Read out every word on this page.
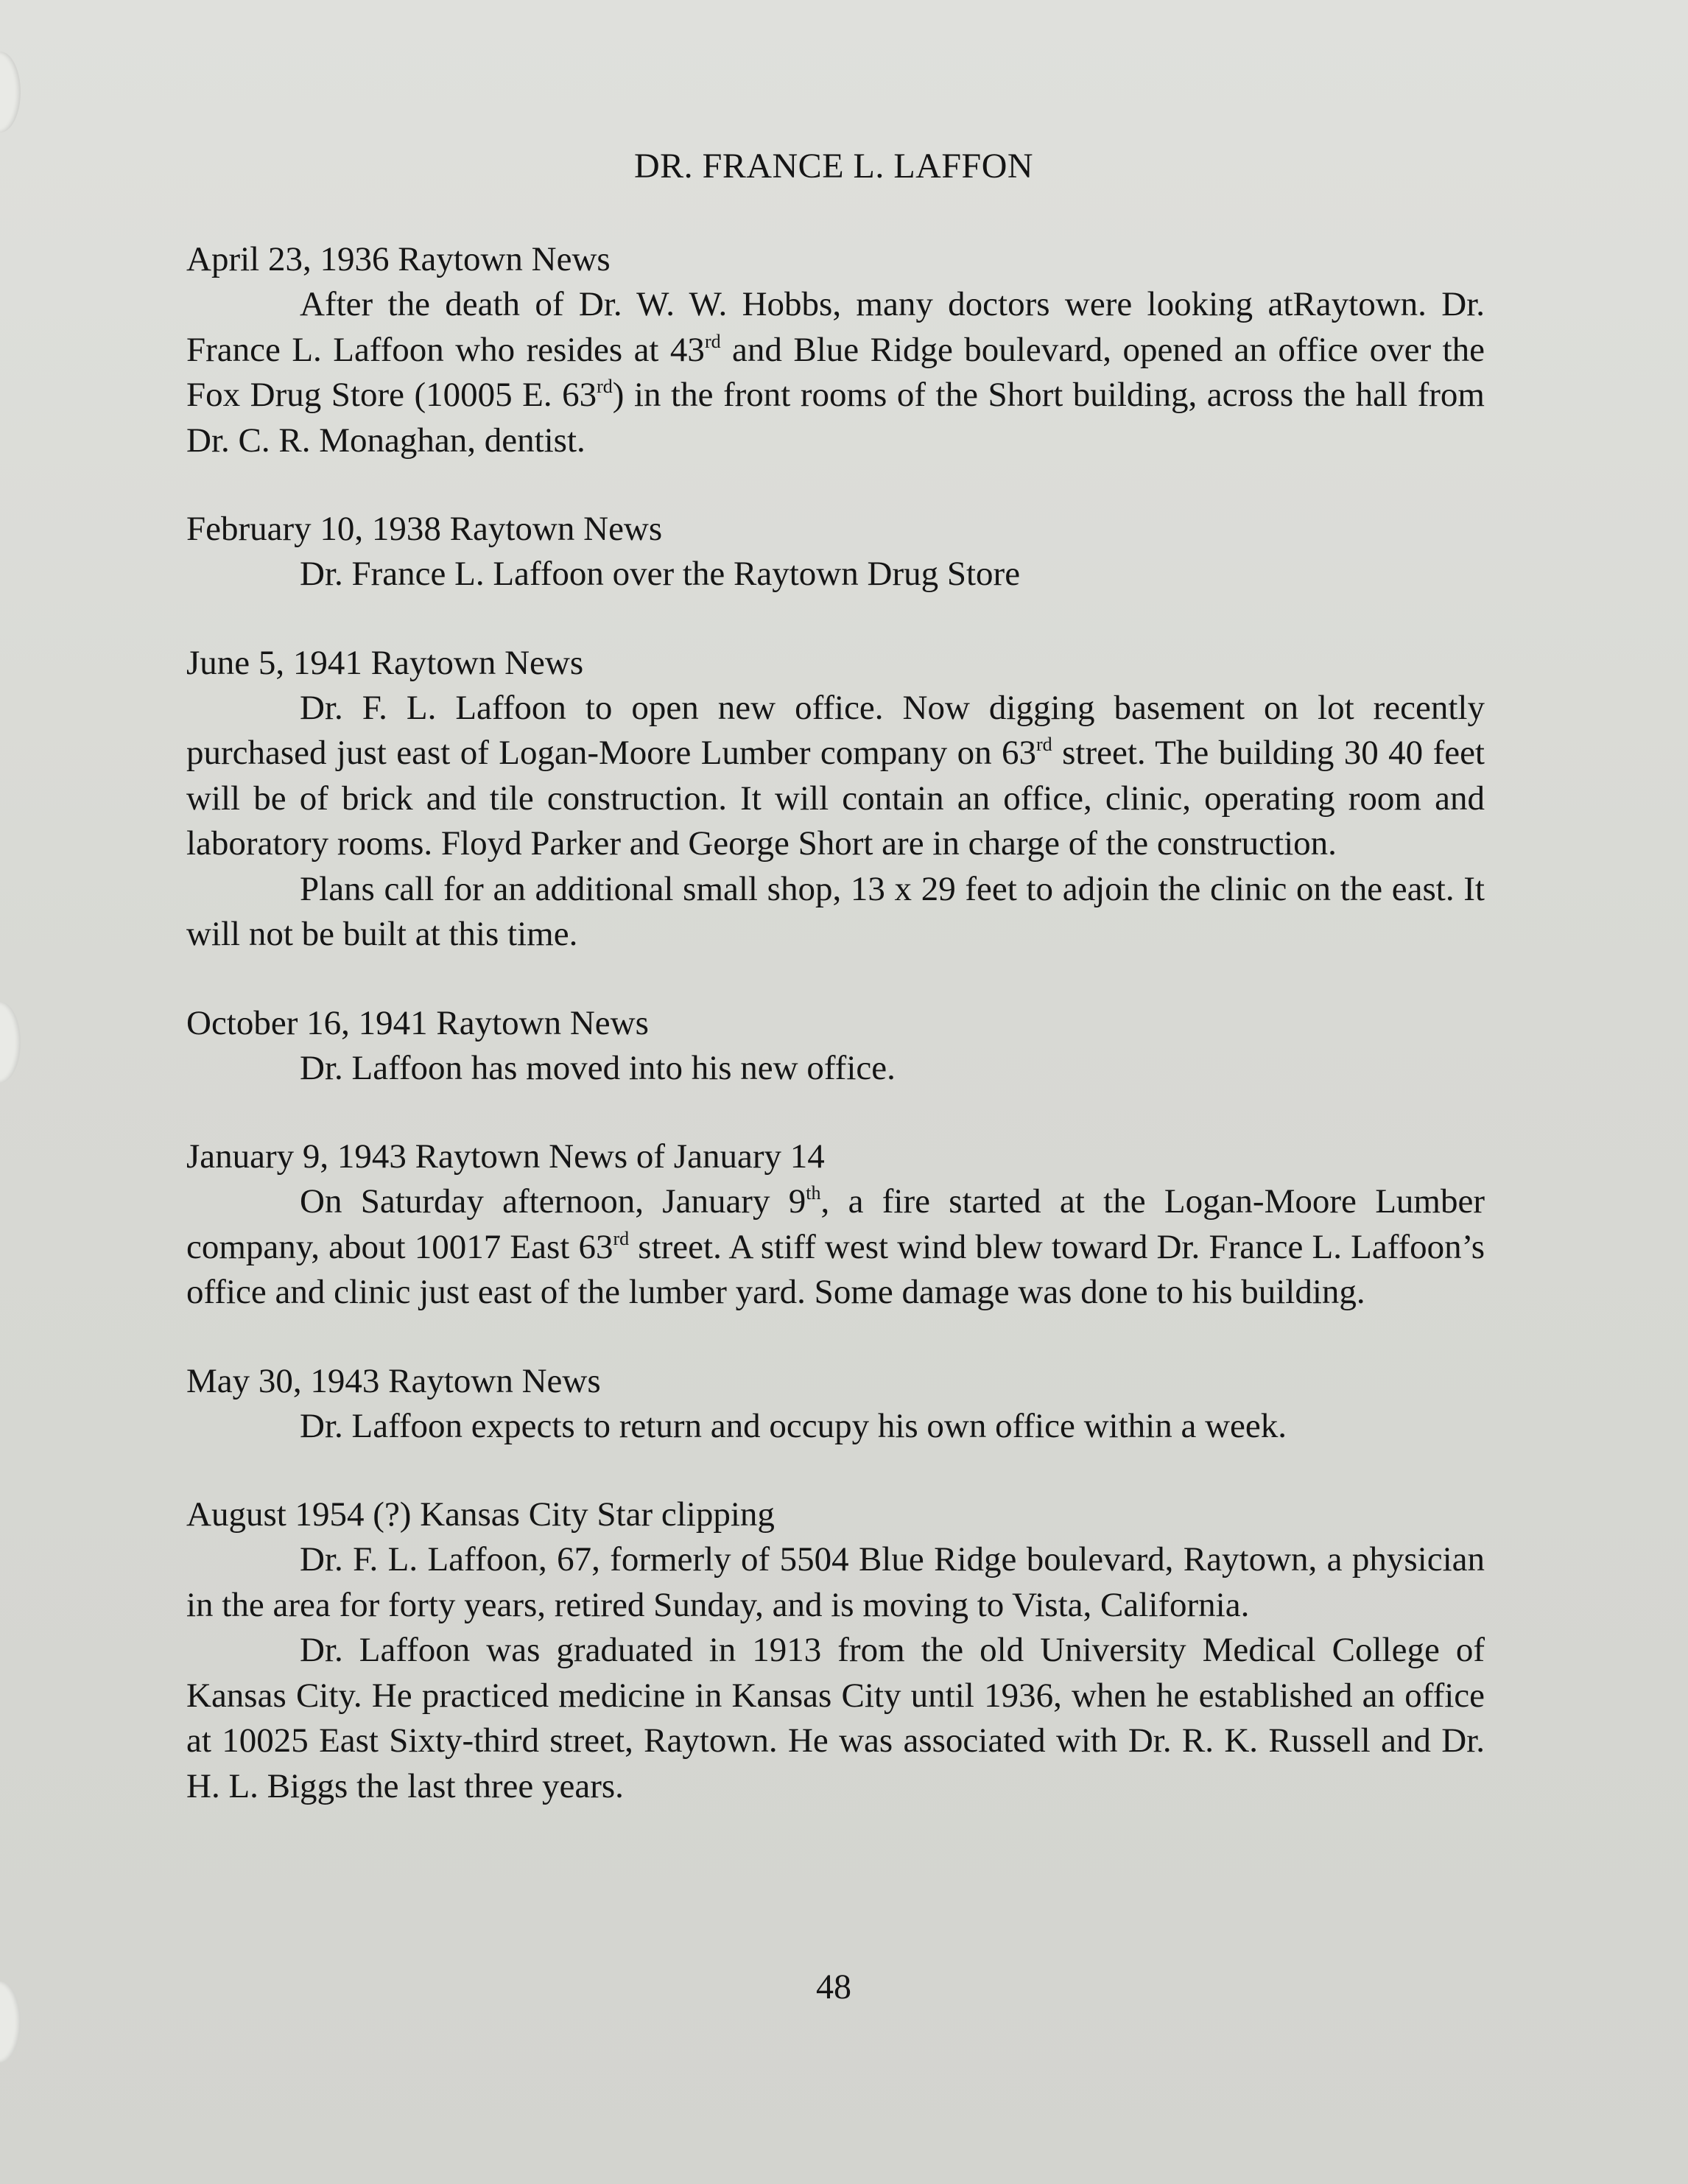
DR. FRANCE L. LAFFON
April 23, 1936 Raytown News

After the death of Dr. W. W. Hobbs, many doctors were looking atRaytown. Dr. France L. Laffoon who resides at 43rd and Blue Ridge boulevard, opened an office over the Fox Drug Store (10005 E. 63rd) in the front rooms of the Short building, across the hall from Dr. C. R. Monaghan, dentist.

February 10, 1938 Raytown News

Dr. France L. Laffoon over the Raytown Drug Store

June 5, 1941 Raytown News

Dr. F. L. Laffoon to open new office. Now digging basement on lot recently purchased just east of Logan-Moore Lumber company on 63rd street. The building 30 40 feet will be of brick and tile construction. It will contain an office, clinic, operating room and laboratory rooms. Floyd Parker and George Short are in charge of the construction.

Plans call for an additional small shop, 13 x 29 feet to adjoin the clinic on the east. It will not be built at this time.

October 16, 1941 Raytown News

Dr. Laffoon has moved into his new office.

January 9, 1943 Raytown News of January 14

On Saturday afternoon, January 9th, a fire started at the Logan-Moore Lumber company, about 10017 East 63rd street. A stiff west wind blew toward Dr. France L. Laffoon’s office and clinic just east of the lumber yard. Some damage was done to his building.

May 30, 1943 Raytown News

Dr. Laffoon expects to return and occupy his own office within a week.

August 1954 (?) Kansas City Star clipping

Dr. F. L. Laffoon, 67, formerly of 5504 Blue Ridge boulevard, Raytown, a physician in the area for forty years, retired Sunday, and is moving to Vista, California.

Dr. Laffoon was graduated in 1913 from the old University Medical College of Kansas City. He practiced medicine in Kansas City until 1936, when he established an office at 10025 East Sixty-third street, Raytown. He was associated with Dr. R. K. Russell and Dr. H. L. Biggs the last three years.

48
